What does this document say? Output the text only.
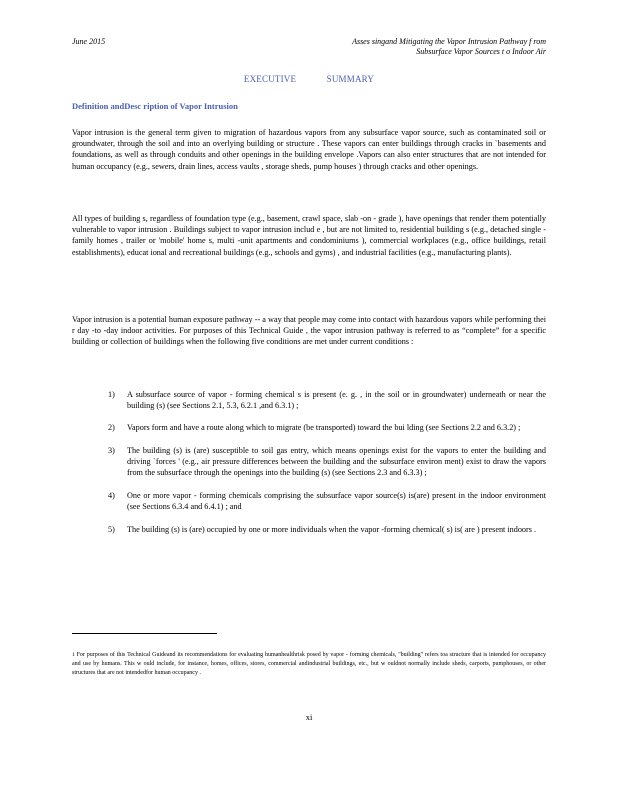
June 2015	Asses singand Mitigating the Vapor Intrusion Pathway f rom
Subsurface Vapor Sources t o Indoor Air
EXECUTIVE	SUMMARY
Definition andDesc ription of Vapor Intrusion
Vapor intrusion is the general term given to migration of hazardous vapors from any subsurface vapor source, such as contaminated soil or groundwater, through the soil and into an overlying building or structure . These vapors can enter buildings through cracks in `basements and foundations, as well as through conduits and other openings in the building envelope .Vapors can also enter structures that are not intended for human occupancy (e.g., sewers, drain lines, access vaults , storage sheds, pump houses ) through cracks and other openings.
All types of building s, regardless of foundation type (e.g., basement, crawl space, slab -on - grade ), have openings that render them potentially vulnerable to vapor intrusion . Buildings subject to vapor intrusion includ e , but are not limited to, residential building s (e.g., detached single -family homes , trailer or 'mobile' home s, multi -unit apartments and condominiums ), commercial workplaces (e.g., office buildings, retail establishments), educat ional and recreational buildings (e.g., schools and gyms) , and industrial facilities (e.g., manufacturing plants).
Vapor intrusion is a potential human exposure pathway -- a way that people may come into contact with hazardous vapors while performing thei r day -to -day indoor activities. For purposes of this Technical Guide , the vapor intrusion pathway is referred to as “complete” for a specific building or collection of buildings when the following five conditions are met under current conditions :
1) A subsurface source of vapor - forming chemical s is present (e. g. , in the soil or in groundwater) underneath or near the building (s) (see Sections 2.1, 5.3, 6.2.1 ,and 6.3.1) ;
2) Vapors form and have a route along which to migrate (be transported) toward the bui lding (see Sections 2.2 and 6.3.2) ;
3) The building (s) is (are) susceptible to soil gas entry, which means openings exist for the vapors to enter the building and driving `forces ' (e.g., air pressure differences between the building and the subsurface environ ment) exist to draw the vapors from the subsurface through the openings into the building (s) (see Sections 2.3 and 6.3.3) ;
4) One or more vapor - forming chemicals comprising the subsurface vapor source(s) is(are) present in the indoor environment (see Sections 6.3.4 and 6.4.1) ; and
5) The building (s) is (are) occupied by one or more individuals when the vapor -forming chemical( s) is( are ) present indoors .
$^1$ For purposes of this Technical Guideand its recommendations for evaluating humanhealthrisk posed by vapor - forming chemicals, "building" refers toa structure that is intended for occupancy and use by humans. This w ould include, for instance, homes, offices, stores, commercial andindustrial buildings, etc., but w ouldnot normally include sheds, carports, pumphouses, or other structures that are not intendedfor human occupancy .
xi
